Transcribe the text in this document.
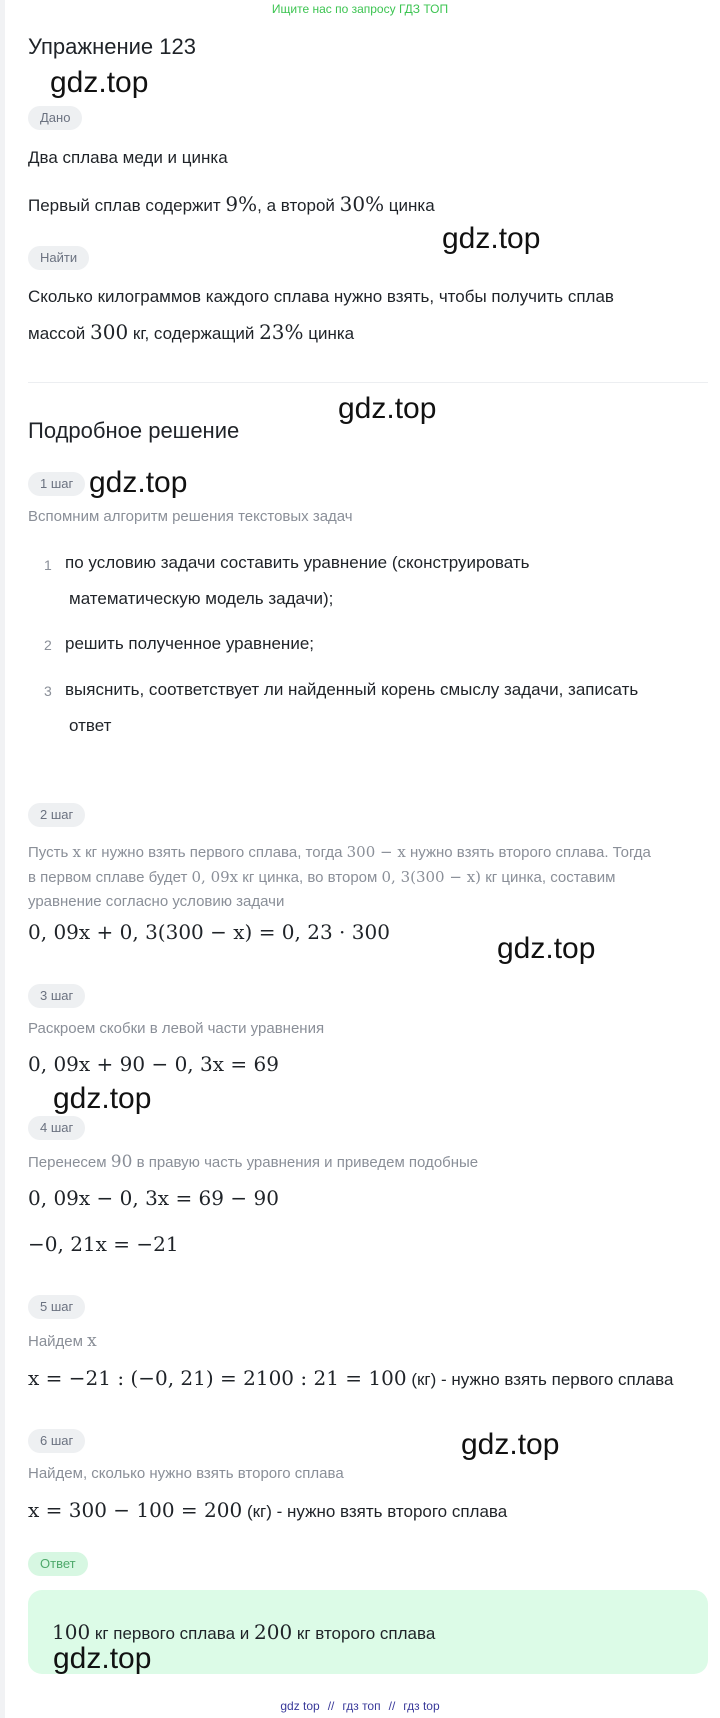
Ищите нас по запросу ГДЗ ТОП
Упражнение 123
gdz.top
Дано
Два сплава меди и цинка
Первый сплав содержит 9%, а второй 30% цинка
gdz.top
Найти
Сколько килограммов каждого сплава нужно взять, чтобы получить сплав
массой 300 кг, содержащий 23% цинка
gdz.top
Подробное решение
1 шаг gdz.top
Вспомним алгоритм решения текстовых задач
1 по условию задачи составить уравнение (сконструировать
математическую модель задачи);
2 решить полученное уравнение;
3 выяснить, соответствует ли найденный корень смыслу задачи, записать
ответ
2 шаг
Пусть x кг нужно взять первого сплава, тогда 300 − x нужно взять второго сплава. Тогда
в первом сплаве будет 0, 09x кг цинка, во втором 0, 3(300 − x) кг цинка, составим
уравнение согласно условию задачи
0, 09x + 0, 3(300 − x) = 0, 23 · 300	gdz.top
3 шаг
Раскроем скобки в левой части уравнения
0, 09x + 90 − 0, 3x = 69
gdz.top
4 шаг
Перенесем 90 в правую часть уравнения и приведем подобные
0, 09x − 0, 3x = 69 − 90
−0, 21x = −21
5 шаг
Найдем x
x = −21 : (−0, 21) = 2100 : 21 = 100 (кг) - нужно взять первого сплава
6 шаг	gdz.top
Найдем, сколько нужно взять второго сплава
x = 300 − 100 = 200 (кг) - нужно взять второго сплава
Ответ
100 кг первого сплава и 200 кг второго сплава
gdz.top
gdz top // гдз топ // гдз top
